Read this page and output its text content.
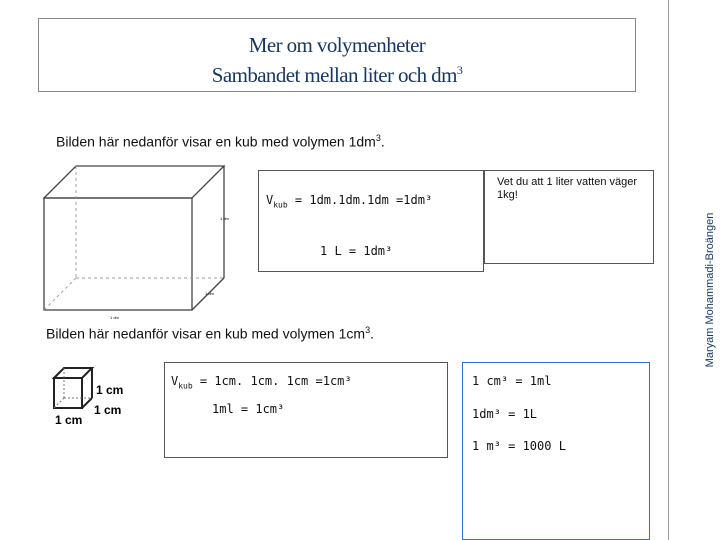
Mer om volymenheter
Sambandet mellan liter och $dm^3$
Maryam Mohammadi-Broängen
Bilden här nedanför visar en kub med volymen $1dm^3$.
1 dm
1 dm
1 dm
$V_{kub} = 1dm.1dm.1dm =1dm^3$
1 L = 1dm³
Vet du att 1 liter vatten väger 1kg!
Bilden här nedanför visar en kub med volymen $1cm^3$.
1 cm
1 cm
1 cm
$V_{kub} = 1cm$. 1cm. 1cm =1cm³
1ml = 1cm³
1 cm³ = 1ml
1dm³ = 1L
1 m³ = 1000 L
